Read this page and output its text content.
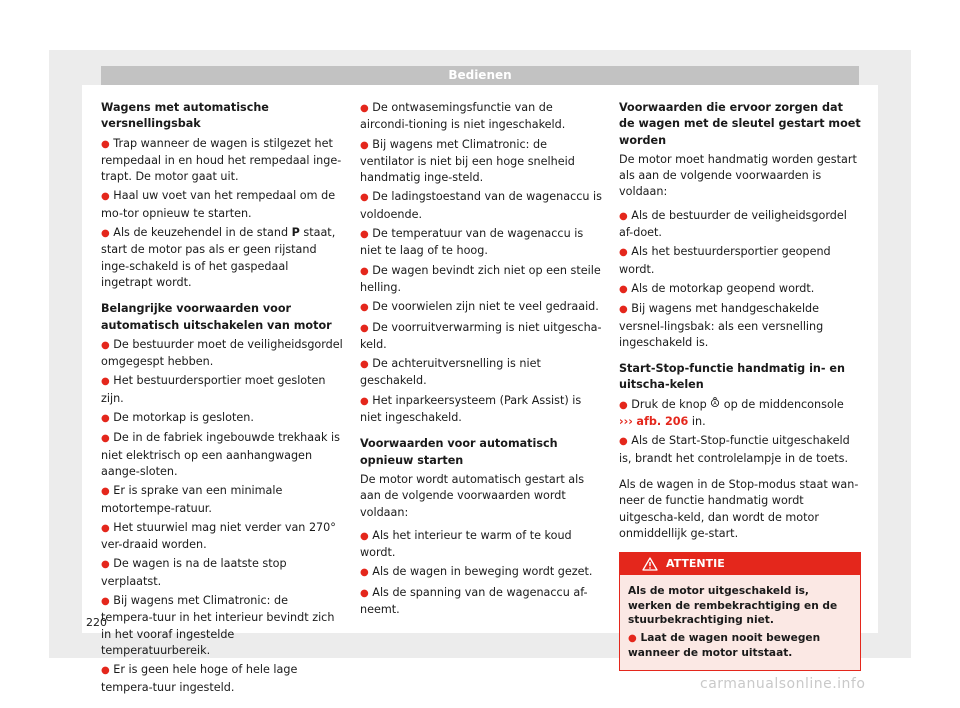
Bedienen
Wagens met automatische versnellingsbak
● Trap wanneer de wagen is stilgezet het rempedaal in en houd het rempedaal inge-trapt. De motor gaat uit.
● Haal uw voet van het rempedaal om de mo-tor opnieuw te starten.
● Als de keuzehendel in de stand P staat, start de motor pas als er geen rijstand inge-schakeld is of het gaspedaal ingetrapt wordt.
Belangrijke voorwaarden voor automatisch uitschakelen van motor
● De bestuurder moet de veiligheidsgordel omgegespt hebben.
● Het bestuurdersportier moet gesloten zijn.
● De motorkap is gesloten.
● De in de fabriek ingebouwde trekhaak is niet elektrisch op een aanhangwagen aange-sloten.
● Er is sprake van een minimale motortempe-ratuur.
● Het stuurwiel mag niet verder van 270° ver-draaid worden.
● De wagen is na de laatste stop verplaatst.
● Bij wagens met Climatronic: de tempera-tuur in het interieur bevindt zich in het vooraf ingestelde temperatuurbereik.
● Er is geen hele hoge of hele lage tempera-tuur ingesteld.
● De ontwasemingsfunctie van de aircondi-tioning is niet ingeschakeld.
● Bij wagens met Climatronic: de ventilator is niet bij een hoge snelheid handmatig inge-steld.
● De ladingstoestand van de wagenaccu is voldoende.
● De temperatuur van de wagenaccu is niet te laag of te hoog.
● De wagen bevindt zich niet op een steile helling.
● De voorwielen zijn niet te veel gedraaid.
● De voorruitverwarming is niet uitgescha-keld.
● De achteruitversnelling is niet geschakeld.
● Het inparkeersysteem (Park Assist) is niet ingeschakeld.
Voorwaarden voor automatisch opnieuw starten
De motor wordt automatisch gestart als aan de volgende voorwaarden wordt voldaan:
● Als het interieur te warm of te koud wordt.
● Als de wagen in beweging wordt gezet.
● Als de spanning van de wagenaccu af-neemt.
Voorwaarden die ervoor zorgen dat de wagen met de sleutel gestart moet worden
De motor moet handmatig worden gestart als aan de volgende voorwaarden is voldaan:
● Als de bestuurder de veiligheidsgordel af-doet.
● Als het bestuurdersportier geopend wordt.
● Als de motorkap geopend wordt.
● Bij wagens met handgeschakelde versnel-lingsbak: als een versnelling ingeschakeld is.
Start-Stop-functie handmatig in- en uitscha-kelen
● Druk de knop A op de middenconsole
››› afb. 206 in.
● Als de Start-Stop-functie uitgeschakeld is, brandt het controlelampje in de toets.
Als de wagen in de Stop-modus staat wan-neer de functie handmatig wordt uitgescha-keld, dan wordt de motor onmiddellijk ge-start.
ATTENTIE
Als de motor uitgeschakeld is, werken de rembekrachtiging en de stuurbekrachtiging niet.
● Laat de wagen nooit bewegen wanneer de motor uitstaat.
220
carmanualsonline.info
